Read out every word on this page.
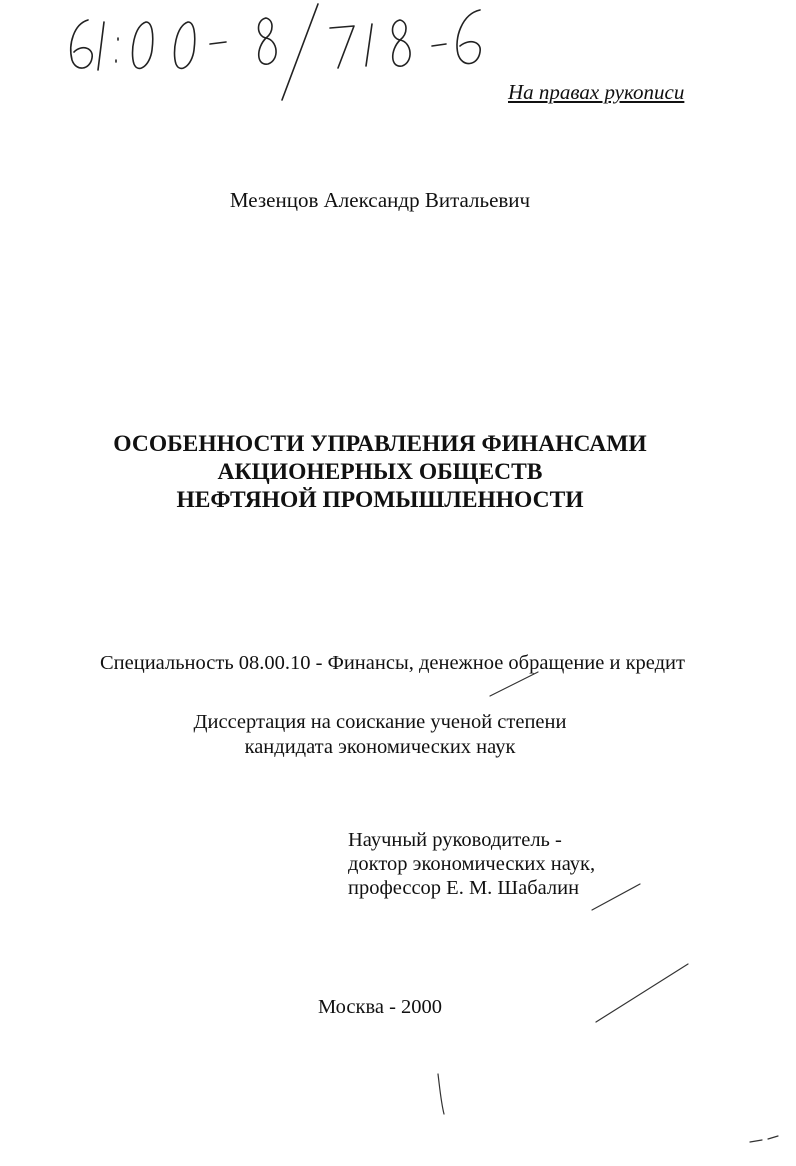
На правах рукописи
Мезенцов Александр Витальевич
ОСОБЕННОСТИ УПРАВЛЕНИЯ ФИНАНСАМИ
АКЦИОНЕРНЫХ ОБЩЕСТВ
НЕФТЯНОЙ ПРОМЫШЛЕННОСТИ
Специальность 08.00.10 - Финансы, денежное обращение и кредит
Диссертация на соискание ученой степени
кандидата экономических наук
Научный руководитель -
доктор экономических наук,
профессор Е. М. Шабалин
Москва - 2000
